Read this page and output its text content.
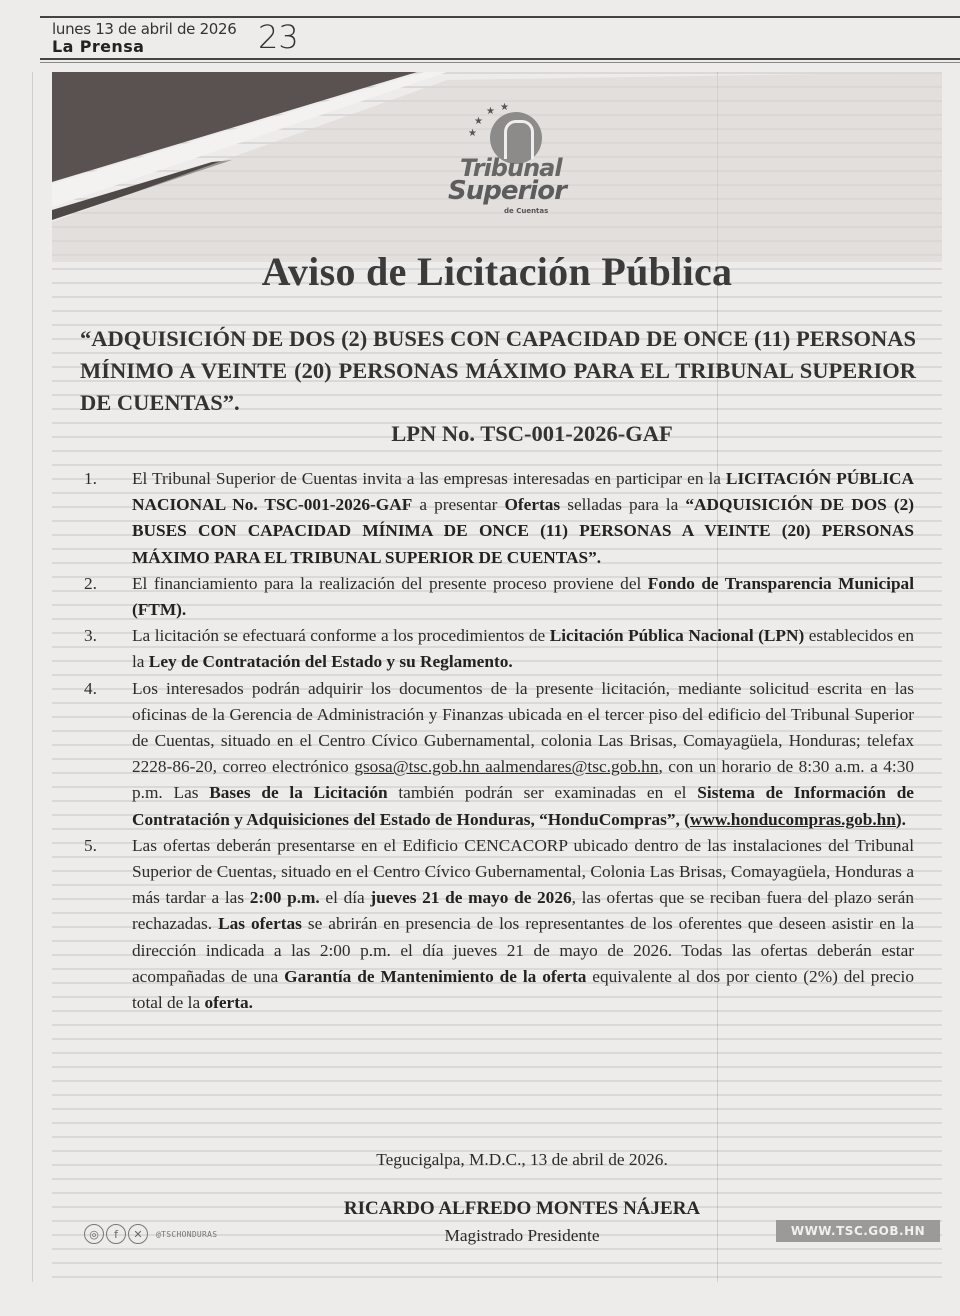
lunes 13 de abril de 2026
La Prensa	23
★
★
★ ★
Tribunal
Superior
de Cuentas
Aviso de Licitación Pública
“ADQUISICIÓN DE DOS (2) BUSES CON CAPACIDAD DE ONCE (11) PERSONAS MÍNIMO A VEINTE (20) PERSONAS MÁXIMO PARA EL TRIBUNAL SUPERIOR DE CUENTAS”.
LPN No. TSC-001-2026-GAF
1. El Tribunal Superior de Cuentas invita a las empresas interesadas en participar en la LICITACIÓN PÚBLICA NACIONAL No. TSC-001-2026-GAF a presentar Ofertas selladas para la “ADQUISICIÓN DE DOS (2) BUSES CON CAPACIDAD MÍNIMA DE ONCE (11) PERSONAS A VEINTE (20) PERSONAS MÁXIMO PARA EL TRIBUNAL SUPERIOR DE CUENTAS”.
2. El financiamiento para la realización del presente proceso proviene del Fondo de Transparencia Municipal (FTM).
3. La licitación se efectuará conforme a los procedimientos de Licitación Pública Nacional (LPN) establecidos en la Ley de Contratación del Estado y su Reglamento.
4. Los interesados podrán adquirir los documentos de la presente licitación, mediante solicitud escrita en las oficinas de la Gerencia de Administración y Finanzas ubicada en el tercer piso del edificio del Tribunal Superior de Cuentas, situado en el Centro Cívico Gubernamental, colonia Las Brisas, Comayagüela, Honduras; telefax 2228-86-20, correo electrónico gsosa@tsc.gob.hn aalmendares@tsc.gob.hn, con un horario de 8:30 a.m. a 4:30 p.m. Las Bases de la Licitación también podrán ser examinadas en el Sistema de Información de Contratación y Adquisiciones del Estado de Honduras, “HonduCompras”, (www.honducompras.gob.hn).
5. Las ofertas deberán presentarse en el Edificio CENCACORP ubicado dentro de las instalaciones del Tribunal Superior de Cuentas, situado en el Centro Cívico Gubernamental, Colonia Las Brisas, Comayagüela, Honduras a más tardar a las 2:00 p.m. el día jueves 21 de mayo de 2026, las ofertas que se reciban fuera del plazo serán rechazadas. Las ofertas se abrirán en presencia de los representantes de los oferentes que deseen asistir en la dirección indicada a las 2:00 p.m. el día jueves 21 de mayo de 2026. Todas las ofertas deberán estar acompañadas de una Garantía de Mantenimiento de la oferta equivalente al dos por ciento (2%) del precio total de la oferta.
Tegucigalpa, M.D.C., 13 de abril de 2026.
RICARDO ALFREDO MONTES NÁJERA
Magistrado Presidente
◎	f	✕	@TSCHONDURAS	WWW.TSC.GOB.HN
